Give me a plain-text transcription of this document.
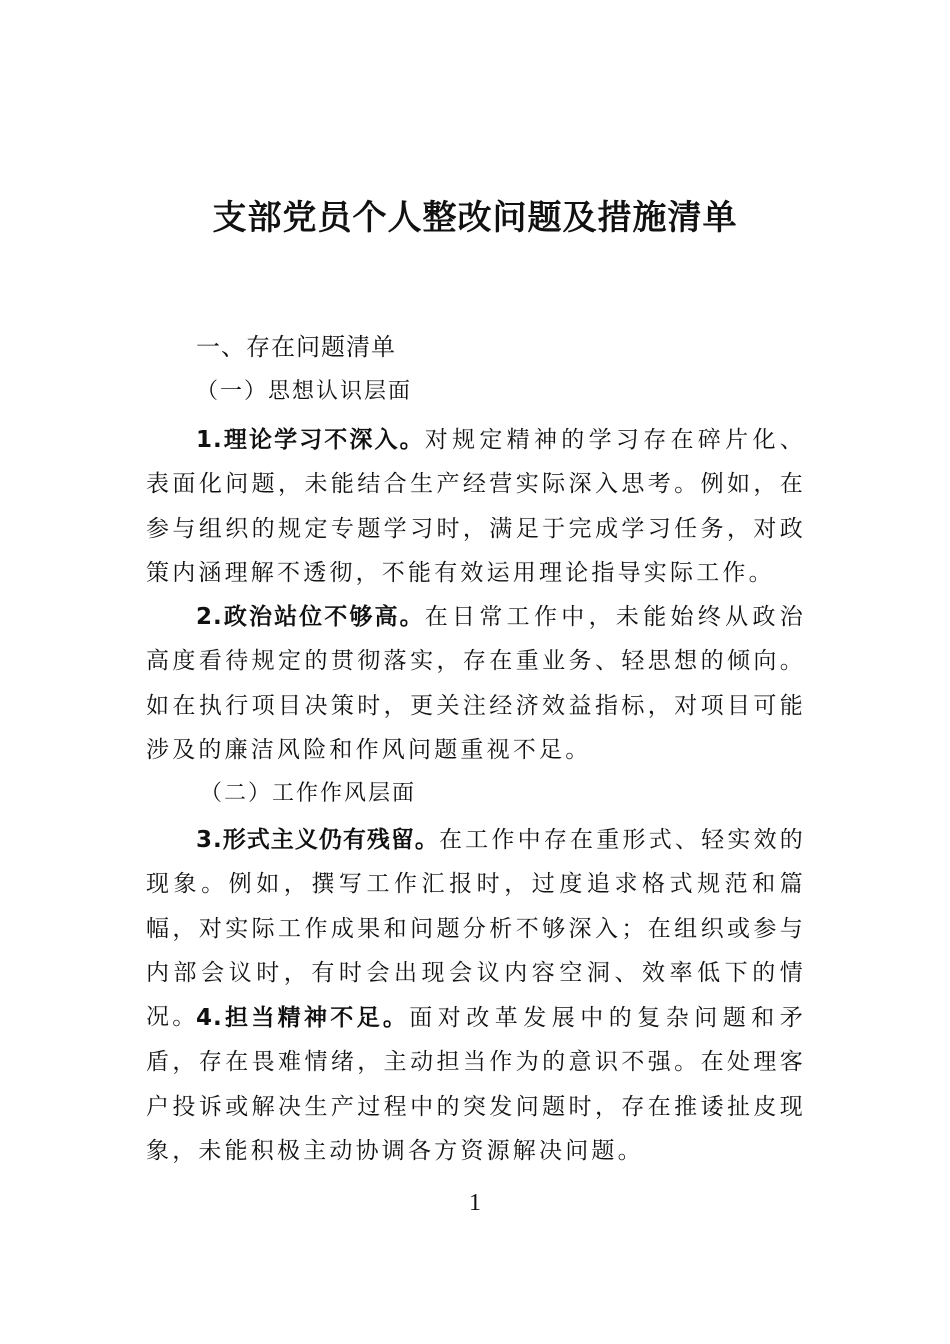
支部党员个人整改问题及措施清单
一、存在问题清单
（一）思想认识层面
1.理论学习不深入。对规定精神的学习存在碎片化、表面化问题，未能结合生产经营实际深入思考。例如，在参与组织的规定专题学习时，满足于完成学习任务，对政策内涵理解不透彻，不能有效运用理论指导实际工作。
2.政治站位不够高。在日常工作中，未能始终从政治高度看待规定的贯彻落实，存在重业务、轻思想的倾向。如在执行项目决策时，更关注经济效益指标，对项目可能涉及的廉洁风险和作风问题重视不足。
（二）工作作风层面
3.形式主义仍有残留。在工作中存在重形式、轻实效的现象。例如，撰写工作汇报时，过度追求格式规范和篇幅，对实际工作成果和问题分析不够深入；在组织或参与内部会议时，有时会出现会议内容空洞、效率低下的情况。
4.担当精神不足。面对改革发展中的复杂问题和矛盾，存在畏难情绪，主动担当作为的意识不强。在处理客户投诉或解决生产过程中的突发问题时，存在推诿扯皮现象，未能积极主动协调各方资源解决问题。
1
